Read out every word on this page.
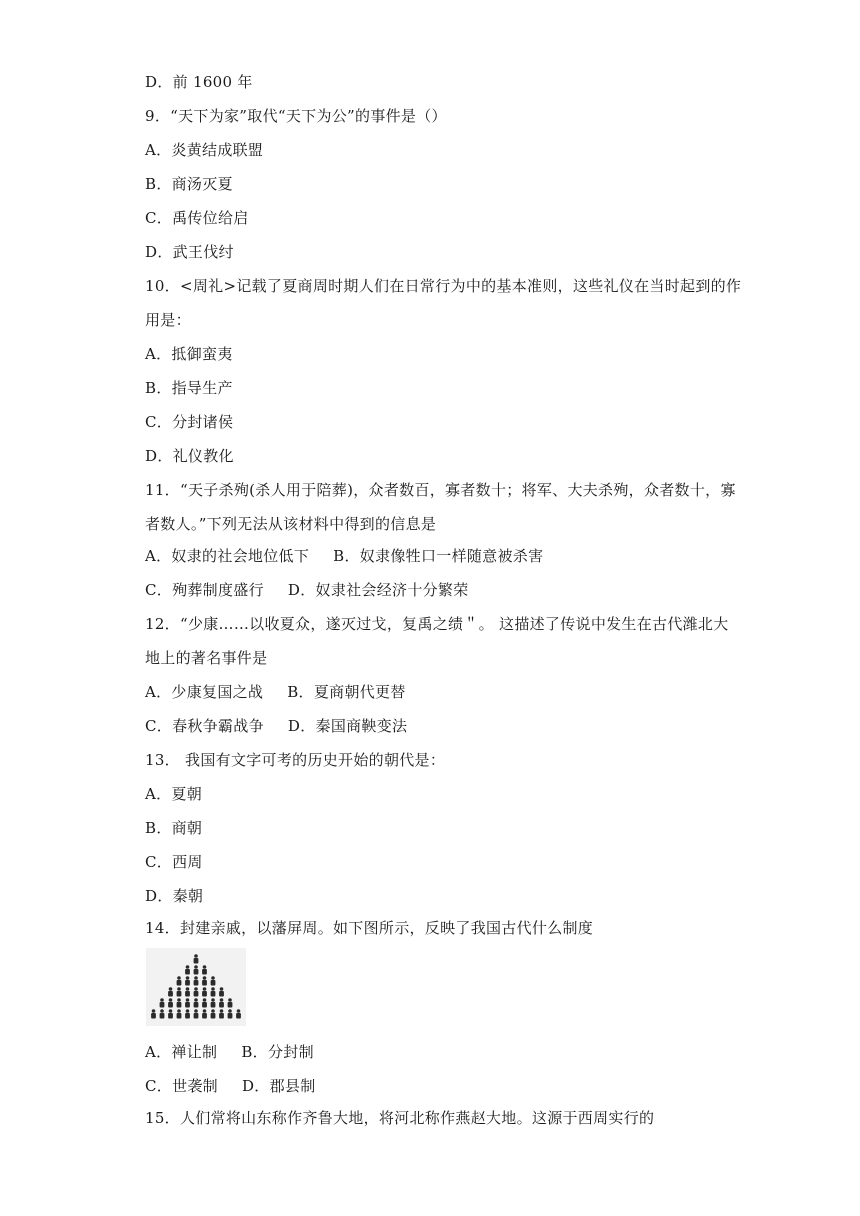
D．前 1600 年
9．“天下为家”取代“天下为公”的事件是（）
A．炎黄结成联盟
B．商汤灭夏
C．禹传位给启
D．武王伐纣
10．<周礼>记载了夏商周时期人们在日常行为中的基本准则，这些礼仪在当时起到的作
用是：
A．抵御蛮夷
B．指导生产
C．分封诸侯
D．礼仪教化
11．“天子杀殉(杀人用于陪葬)，众者数百，寡者数十；将军、大夫杀殉，众者数十，寡
者数人。”下列无法从该材料中得到的信息是
A．奴隶的社会地位低下 B．奴隶像牲口一样随意被杀害
C．殉葬制度盛行 D．奴隶社会经济十分繁荣
12．“少康……以收夏众，遂灭过戈，复禹之绩＂。 这描述了传说中发生在古代潍北大
地上的著名事件是
A．少康复国之战 B．夏商朝代更替
C．春秋争霸战争 D．秦国商鞅变法
13． 我国有文字可考的历史开始的朝代是：
A．夏朝
B．商朝
C．西周
D．秦朝
14．封建亲戚，以藩屏周。如下图所示，反映了我国古代什么制度
A．禅让制 B．分封制
C．世袭制 D．郡县制
15．人们常将山东称作齐鲁大地，将河北称作燕赵大地。这源于西周实行的
